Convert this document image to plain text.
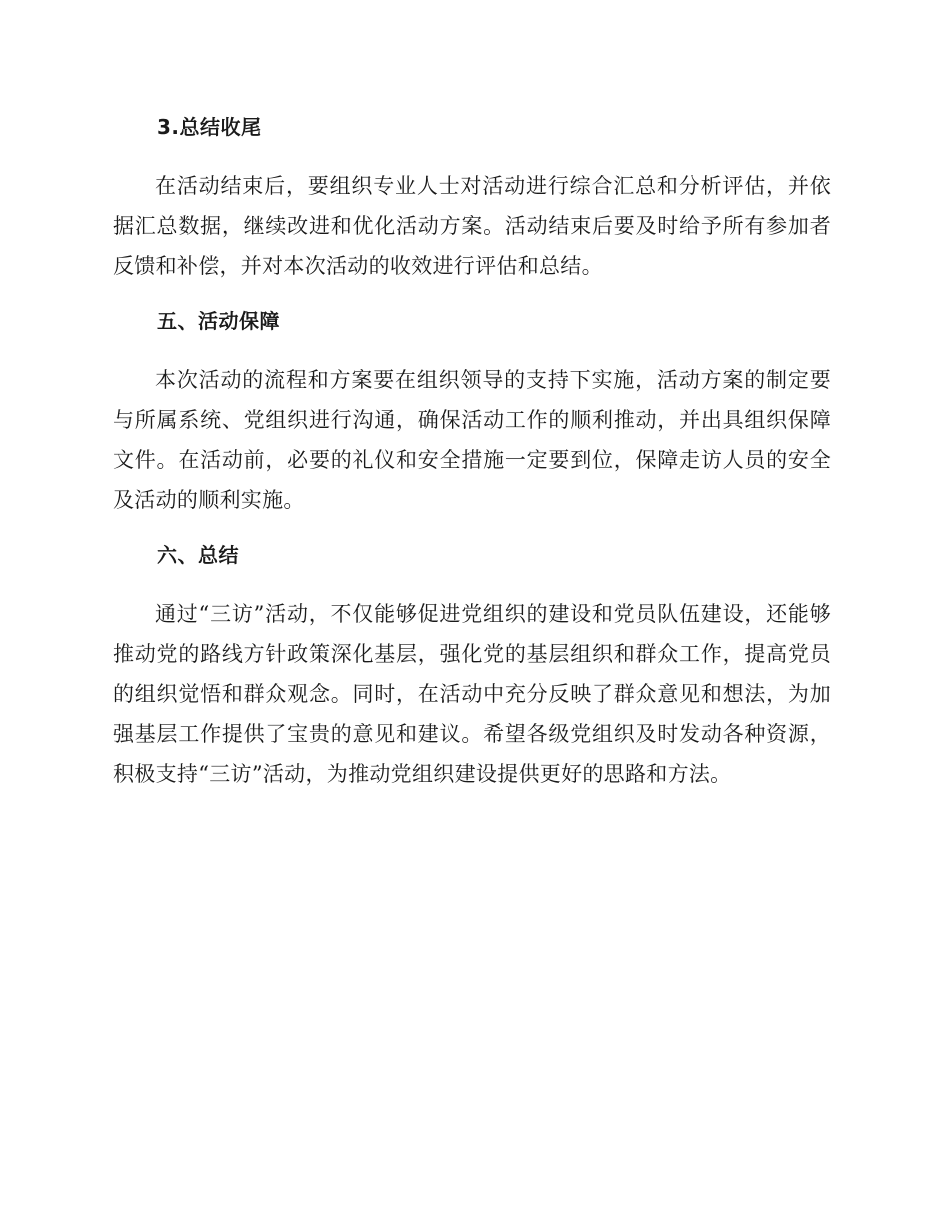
3.总结收尾

在活动结束后，要组织专业人士对活动进行综合汇总和分析评估，并依据汇总数据，继续改进和优化活动方案。活动结束后要及时给予所有参加者反馈和补偿，并对本次活动的收效进行评估和总结。

五、活动保障

本次活动的流程和方案要在组织领导的支持下实施，活动方案的制定要与所属系统、党组织进行沟通，确保活动工作的顺利推动，并出具组织保障文件。在活动前，必要的礼仪和安全措施一定要到位，保障走访人员的安全及活动的顺利实施。

六、总结

通过“三访”活动，不仅能够促进党组织的建设和党员队伍建设，还能够推动党的路线方针政策深化基层，强化党的基层组织和群众工作，提高党员的组织觉悟和群众观念。同时，在活动中充分反映了群众意见和想法，为加强基层工作提供了宝贵的意见和建议。希望各级党组织及时发动各种资源，积极支持“三访”活动，为推动党组织建设提供更好的思路和方法。
